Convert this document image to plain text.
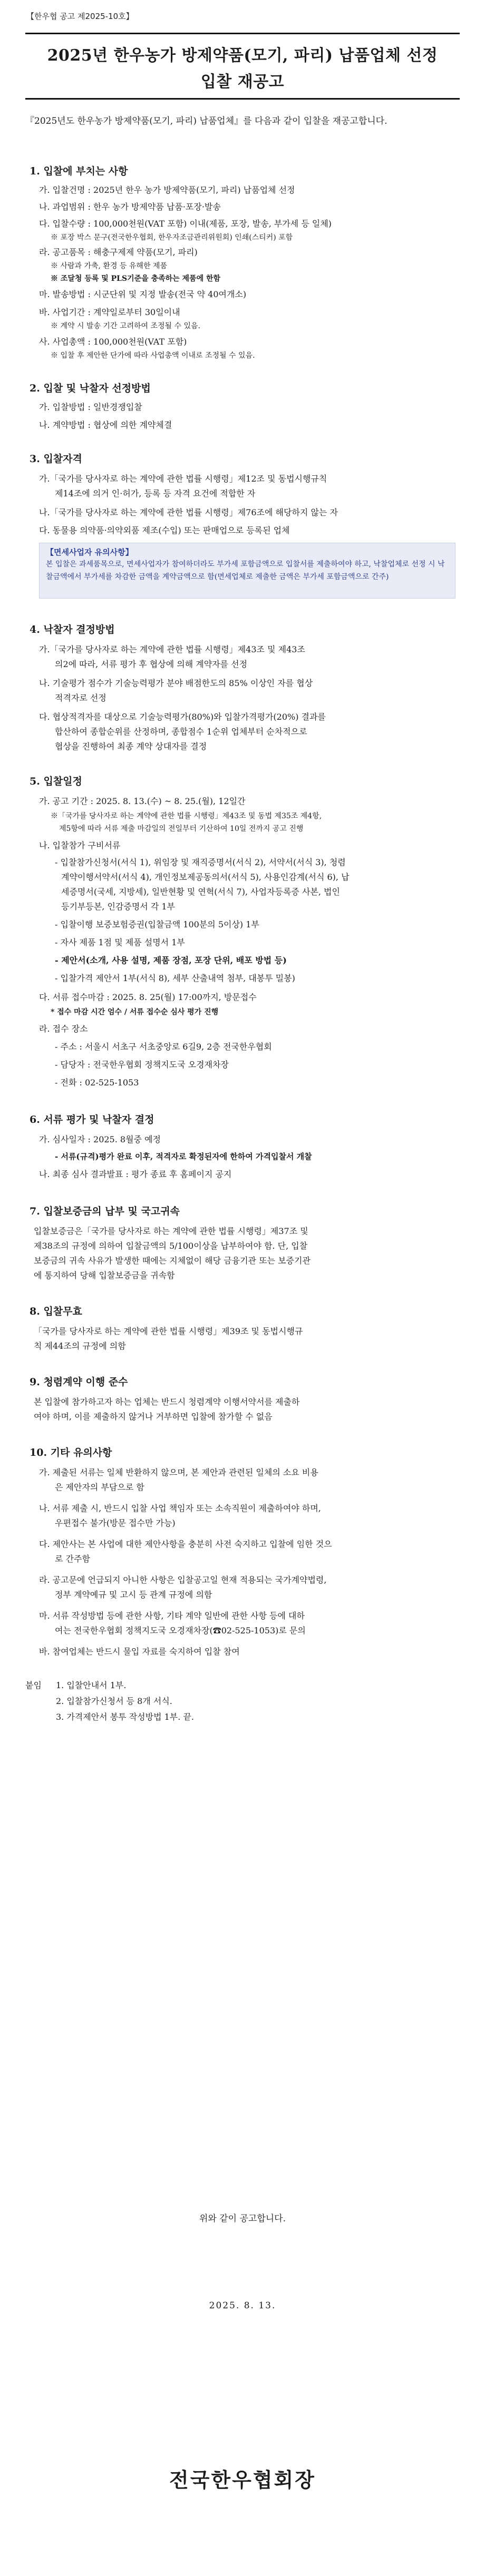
【한우협 공고 제2025-10호】
2025년 한우농가 방제약품(모기, 파리) 납품업체 선정
입찰 재공고
『2025년도 한우농가 방제약품(모기, 파리) 납품업체』를 다음과 같이 입찰을 재공고합니다.
1. 입찰에 부치는 사항
가. 입찰건명 : 2025년 한우 농가 방제약품(모기, 파리) 납품업체 선정
나. 과업범위 : 한우 농가 방제약품 납품·포장·발송
다. 입찰수량 : 100,000천원(VAT 포함) 이내(제품, 포장, 발송, 부가세 등 일체)
※ 포장 박스 문구(전국한우협회, 한우자조금관리위원회) 인쇄(스티커) 포함
라. 공고품목 : 해충구제제 약품(모기, 파리)
※ 사람과 가축, 환경 등 유해한 제품
※ 조달청 등록 및 PLS기준을 충족하는 제품에 한함
마. 발송방법 : 시군단위 및 지정 발송(전국 약 40여개소)
바. 사업기간 : 계약일로부터 30일이내
※ 계약 시 발송 기간 고려하여 조정될 수 있음.
사. 사업총액 : 100,000천원(VAT 포함)
※ 입찰 후 제안한 단가에 따라 사업총액 이내로 조정될 수 있음.
2. 입찰 및 낙찰자 선정방법
가. 입찰방법 : 일반경쟁입찰
나. 계약방법 : 협상에 의한 계약체결
3. 입찰자격
가.「국가를 당사자로 하는 계약에 관한 법률 시행령」제12조 및 동법시행규칙
제14조에 의거 인·허가, 등록 등 자격 요건에 적합한 자
나.「국가를 당사자로 하는 계약에 관한 법률 시행령」제76조에 해당하지 않는 자
다. 동물용 의약품·의약외품 제조(수입) 또는 판매업으로 등록된 업체
【면세사업자 유의사항】
본 입찰은 과세품목으로, 면세사업자가 참여하더라도 부가세 포함금액으로 입찰서를 제출하여야 하고, 낙찰업체로 선정 시 낙찰금액에서 부가세를 차감한 금액을 계약금액으로 함(면세업체로 제출한 금액은 부가세 포함금액으로 간주)
4. 낙찰자 결정방법
가.「국가를 당사자로 하는 계약에 관한 법률 시행령」제43조 및 제43조
의2에 따라, 서류 평가 후 협상에 의해 계약자를 선정
나. 기술평가 점수가 기술능력평가 분야 배점한도의 85% 이상인 자를 협상
적격자로 선정
다. 협상적격자를 대상으로 기술능력평가(80%)와 입찰가격평가(20%) 결과를
합산하여 종합순위를 산정하며, 종합점수 1순위 업체부터 순차적으로
협상을 진행하여 최종 계약 상대자를 결정
5. 입찰일정
가. 공고 기간 : 2025. 8. 13.(수) ~ 8. 25.(월), 12일간
※「국가를 당사자로 하는 계약에 관한 법률 시행령」제43조 및 동법 제35조 제4항,
제5항에 따라 서류 제출 마감일의 전일부터 기산하여 10일 전까지 공고 진행
나. 입찰참가 구비서류
- 입찰참가신청서(서식 1), 위임장 및 재직증명서(서식 2), 서약서(서식 3), 청렴
계약이행서약서(서식 4), 개인정보제공동의서(서식 5), 사용인감계(서식 6), 납
세증명서(국세, 지방세), 일반현황 및 연혁(서식 7), 사업자등록증 사본, 법인
등기부등본, 인감증명서 각 1부
- 입찰이행 보증보험증권(입찰금액 100분의 5이상) 1부
- 자사 제품 1점 및 제품 설명서 1부
- 제안서(소개, 사용 설명, 제품 장점, 포장 단위, 배포 방법 등)
- 입찰가격 제안서 1부(서식 8), 세부 산출내역 첨부, 대봉투 밀봉)
다. 서류 접수마감 : 2025. 8. 25(월) 17:00까지, 방문접수
* 접수 마감 시간 엄수 / 서류 접수순 심사 평가 진행
라. 접수 장소
- 주소 : 서울시 서초구 서초중앙로 6길9, 2층 전국한우협회
- 담당자 : 전국한우협회 정책지도국 오경재차장
- 전화 : 02-525-1053
6. 서류 평가 및 낙찰자 결정
가. 심사일자 : 2025. 8월중 예정
- 서류(규격)평가 완료 이후, 적격자로 확정된자에 한하여 가격입찰서 개찰
나. 최종 심사 결과발표 : 평가 종료 후 홈페이지 공지
7. 입찰보증금의 납부 및 국고귀속
입찰보증금은「국가를 당사자로 하는 계약에 관한 법률 시행령」제37조 및
제38조의 규정에 의하여 입찰금액의 5/100이상을 납부하여야 함. 단, 입찰
보증금의 귀속 사유가 발생한 때에는 지체없이 해당 금융기관 또는 보증기관
에 통지하여 당해 입찰보증금을 귀속함
8. 입찰무효
「국가를 당사자로 하는 계약에 관한 법률 시행령」제39조 및 동법시행규
칙 제44조의 규정에 의함
9. 청렴계약 이행 준수
본 입찰에 참가하고자 하는 업체는 반드시 청렴계약 이행서약서를 제출하
여야 하며, 이를 제출하지 않거나 거부하면 입찰에 참가할 수 없음
10. 기타 유의사항
가. 제출된 서류는 일체 반환하지 않으며, 본 제안과 관련된 일체의 소요 비용
은 제안자의 부담으로 함
나. 서류 제출 시, 반드시 입찰 사업 책임자 또는 소속직원이 제출하여야 하며,
우편접수 불가(방문 접수만 가능)
다. 제안사는 본 사업에 대한 제안사항을 충분히 사전 숙지하고 입찰에 임한 것으
로 간주함
라. 공고문에 언급되지 아니한 사항은 입찰공고일 현재 적용되는 국가계약법령,
정부 계약예규 및 고시 등 관계 규정에 의함
마. 서류 작성방법 등에 관한 사항, 기타 계약 일반에 관한 사항 등에 대하
여는 전국한우협회 정책지도국 오경재차장(☎02-525-1053)로 문의
바. 참여업체는 반드시 물입 자료를 숙지하여 입찰 참여
붙임 1. 입찰안내서 1부.
2. 입찰참가신청서 등 8개 서식.
3. 가격제안서 봉투 작성방법 1부. 끝.
위와 같이 공고합니다.
2025. 8. 13.
전국한우협회장
